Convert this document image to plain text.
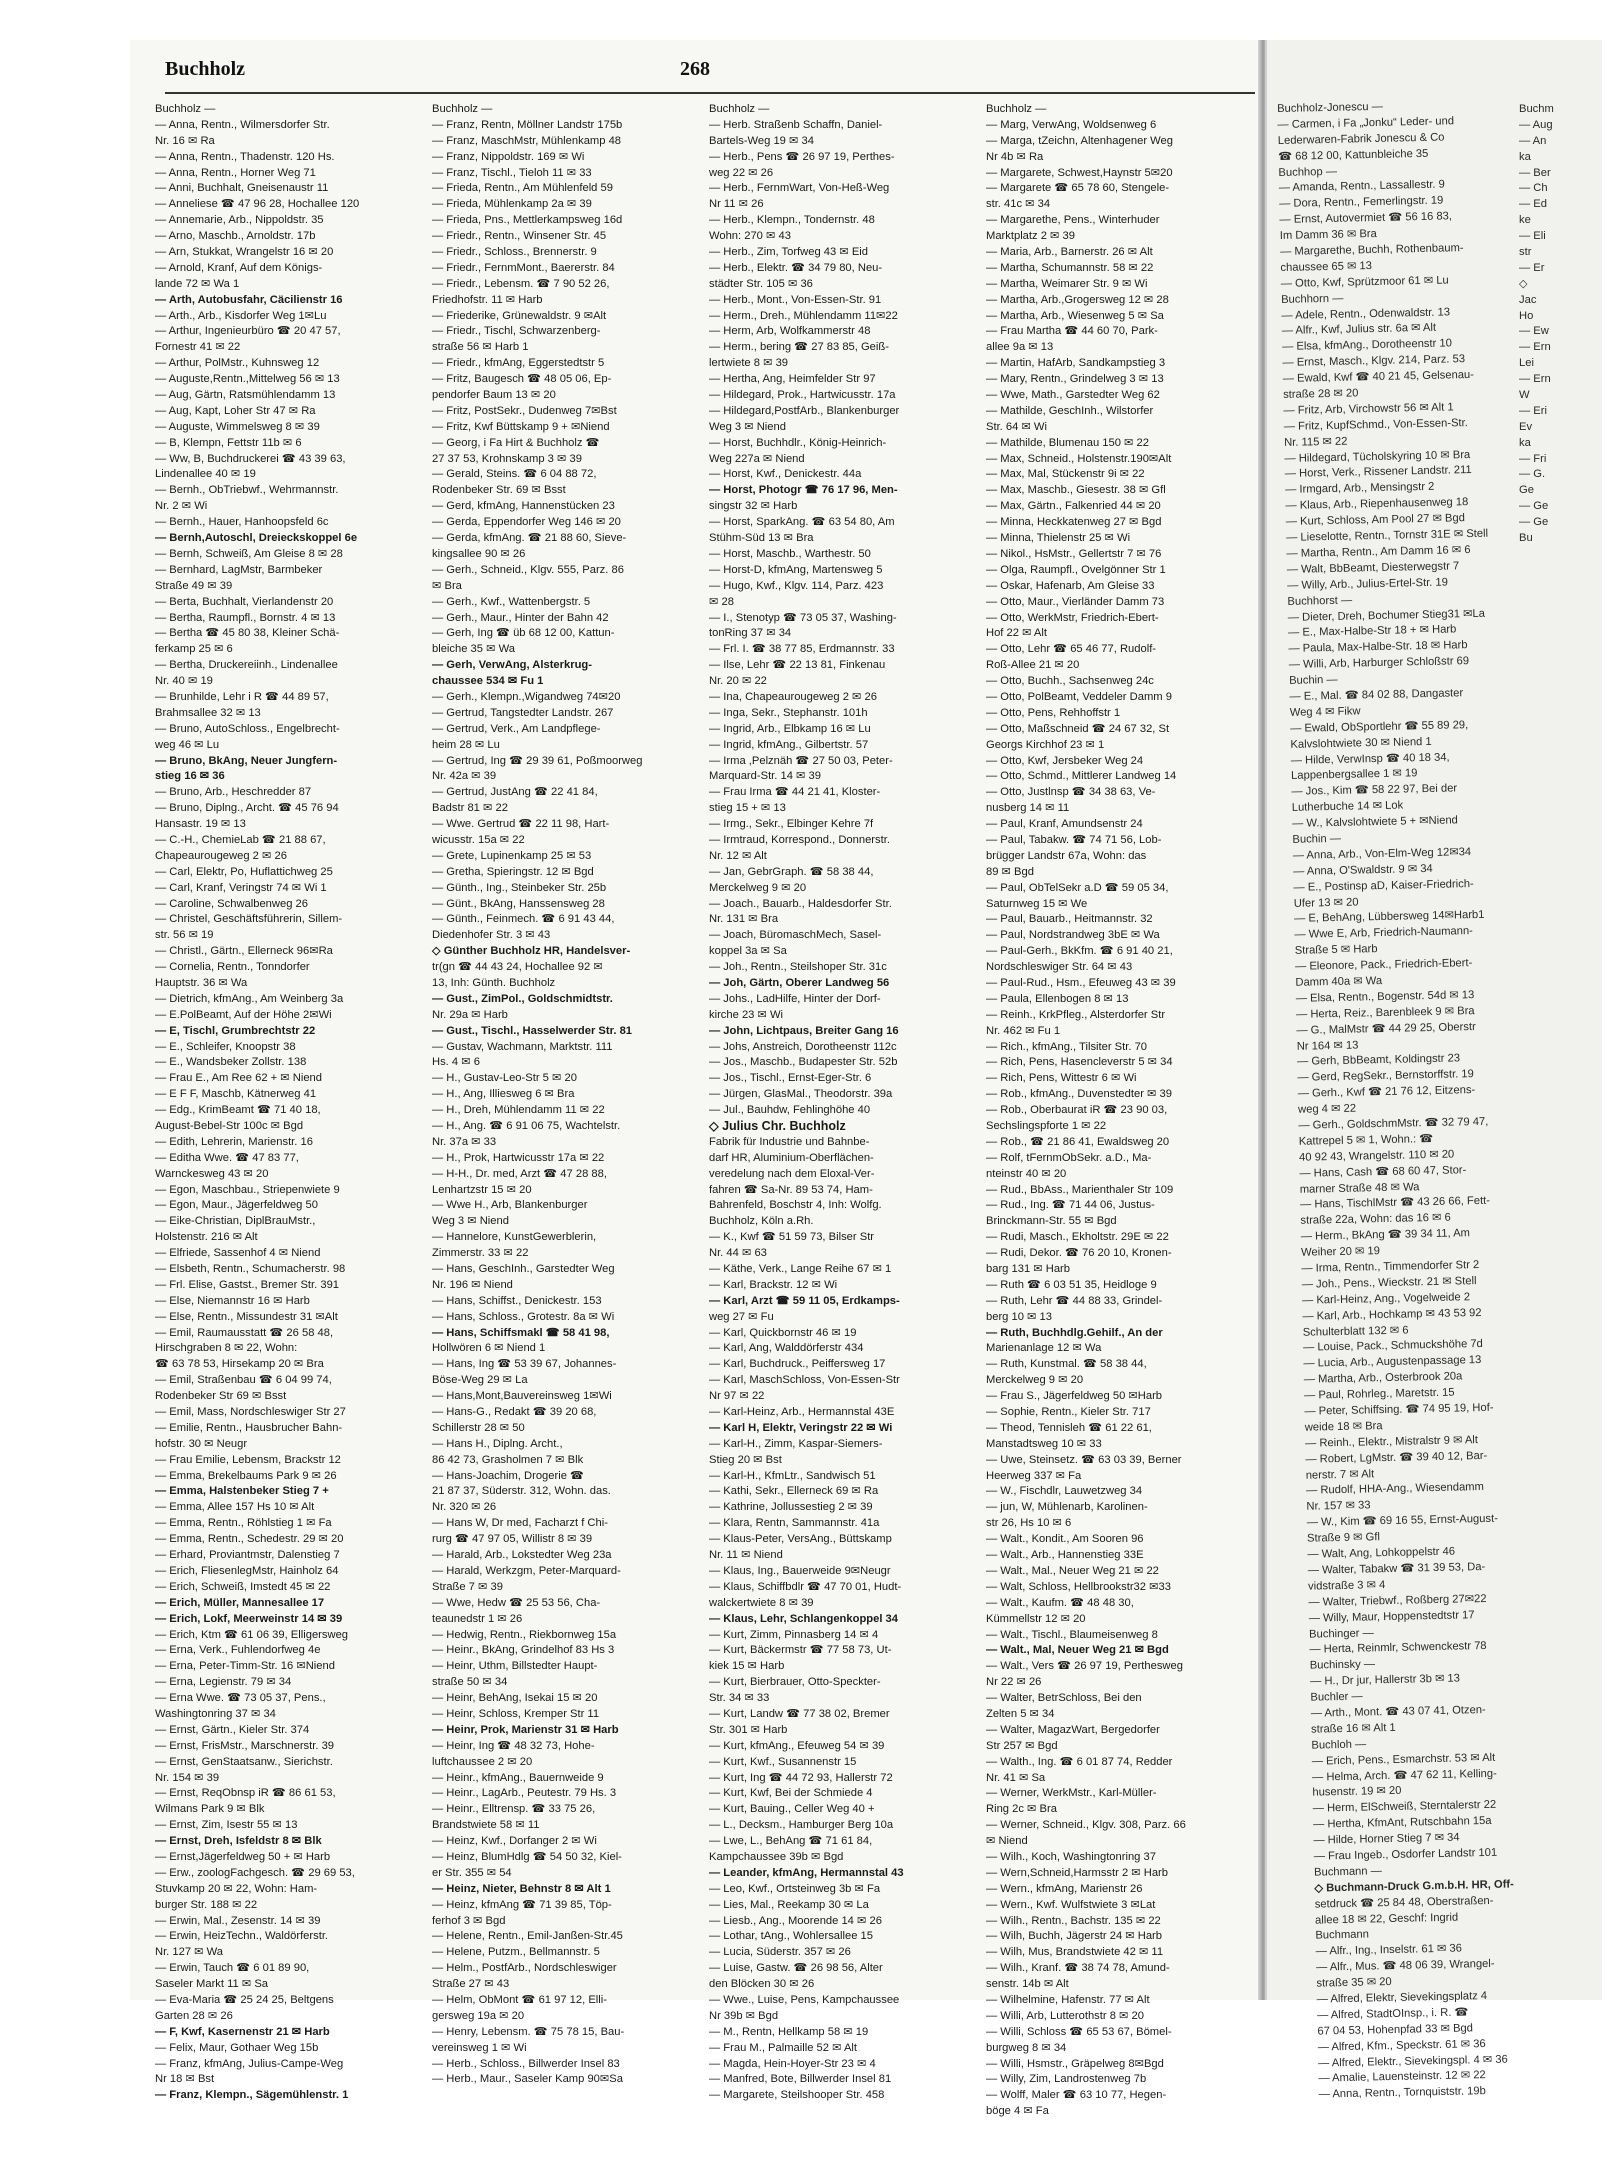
Buchholz	268
Buchholz —
— Anna, Rentn., Wilmersdorfer Str.
Nr. 16 ✉ Ra
— Anna, Rentn., Thadenstr. 120 Hs.
— Anna, Rentn., Horner Weg 71
— Anni, Buchhalt, Gneisenaustr 11
— Anneliese ☎ 47 96 28, Hochallee 120
— Annemarie, Arb., Nippoldstr. 35
— Arno, Maschb., Arnoldstr. 17b
— Arn, Stukkat, Wrangelstr 16 ✉ 20
— Arnold, Kranf, Auf dem Königs-
lande 72 ✉ Wa 1
— Arth, Autobusfahr, Cäcilienstr 16
— Arth., Arb., Kisdorfer Weg 1✉Lu
— Arthur, Ingenieurbüro ☎ 20 47 57,
Fornestr 41 ✉ 22
— Arthur, PolMstr., Kuhnsweg 12
— Auguste,Rentn.,Mittelweg 56 ✉ 13
— Aug, Gärtn, Ratsmühlendamm 13
— Aug, Kapt, Loher Str 47 ✉ Ra
— Auguste, Wimmelsweg 8 ✉ 39
— B, Klempn, Fettstr 11b ✉ 6
— Ww, B, Buchdruckerei ☎ 43 39 63,
Lindenallee 40 ✉ 19
— Bernh., ObTriebwf., Wehrmannstr.
Nr. 2 ✉ Wi
— Bernh., Hauer, Hanhoopsfeld 6c
— Bernh,Autoschl, Dreieckskoppel 6e
— Bernh, Schweiß, Am Gleise 8 ✉ 28
— Bernhard, LagMstr, Barmbeker
Straße 49 ✉ 39
— Berta, Buchhalt, Vierlandenstr 20
— Bertha, Raumpfl., Bornstr. 4 ✉ 13
— Bertha ☎ 45 80 38, Kleiner Schä-
ferkamp 25 ✉ 6
— Bertha, Druckereiinh., Lindenallee
Nr. 40 ✉ 19
— Brunhilde, Lehr i R ☎ 44 89 57,
Brahmsallee 32 ✉ 13
— Bruno, AutoSchloss., Engelbrecht-
weg 46 ✉ Lu
— Bruno, BkAng, Neuer Jungfern-
stieg 16 ✉ 36
— Bruno, Arb., Heschredder 87
— Bruno, Diplng., Archt. ☎ 45 76 94
Hansastr. 19 ✉ 13
— C.-H., ChemieLab ☎ 21 88 67,
Chapeaurougeweg 2 ✉ 26
— Carl, Elektr, Po, Huflattichweg 25
— Carl, Kranf, Veringstr 74 ✉ Wi 1
— Caroline, Schwalbenweg 26
— Christel, Geschäftsführerin, Sillem-
str. 56 ✉ 19
— Christl., Gärtn., Ellerneck 96✉Ra
— Cornelia, Rentn., Tonndorfer
Hauptstr. 36 ✉ Wa
— Dietrich, kfmAng., Am Weinberg 3a
— E.PolBeamt, Auf der Höhe 2✉Wi
— E, Tischl, Grumbrechtstr 22
— E., Schleifer, Knoopstr 38
— E., Wandsbeker Zollstr. 138
— Frau E., Am Ree 62 + ✉ Niend
— E F F, Maschb, Kätnerweg 41
— Edg., KrimBeamt ☎ 71 40 18,
August-Bebel-Str 100c ✉ Bgd
— Edith, Lehrerin, Marienstr. 16
— Editha Wwe. ☎ 47 83 77,
Warnckesweg 43 ✉ 20
— Egon, Maschbau., Striepenwiete 9
— Egon, Maur., Jägerfeldweg 50
— Eike-Christian, DiplBrauMstr.,
Holstenstr. 216 ✉ Alt
— Elfriede, Sassenhof 4 ✉ Niend
— Elsbeth, Rentn., Schumacherstr. 98
— Frl. Elise, Gastst., Bremer Str. 391
— Else, Niemannstr 16 ✉ Harb
— Else, Rentn., Missundestr 31 ✉Alt
— Emil, Raumausstatt ☎ 26 58 48,
Hirschgraben 8 ✉ 22, Wohn:
☎ 63 78 53, Hirsekamp 20 ✉ Bra
— Emil, Straßenbau ☎ 6 04 99 74,
Rodenbeker Str 69 ✉ Bsst
— Emil, Mass, Nordschleswiger Str 27
— Emilie, Rentn., Hausbrucher Bahn-
hofstr. 30 ✉ Neugr
— Frau Emilie, Lebensm, Brackstr 12
— Emma, Brekelbaums Park 9 ✉ 26
— Emma, Halstenbeker Stieg 7 +
— Emma, Allee 157 Hs 10 ✉ Alt
— Emma, Rentn., Röhlstieg 1 ✉ Fa
— Emma, Rentn., Schedestr. 29 ✉ 20
— Erhard, Proviantmstr, Dalenstieg 7
— Erich, FliesenlegMstr, Hainholz 64
— Erich, Schweiß, Imstedt 45 ✉ 22
— Erich, Müller, Mannesallee 17
— Erich, Lokf, Meerweinstr 14 ✉ 39
— Erich, Ktm ☎ 61 06 39, Elligersweg
— Erna, Verk., Fuhlendorfweg 4e
— Erna, Peter-Timm-Str. 16 ✉Niend
— Erna, Legienstr. 79 ✉ 34
— Erna Wwe. ☎ 73 05 37, Pens.,
Washingtonring 37 ✉ 34
— Ernst, Gärtn., Kieler Str. 374
— Ernst, FrisMstr., Marschnerstr. 39
— Ernst, GenStaatsanw., Sierichstr.
Nr. 154 ✉ 39
— Ernst, ReqObnsp iR ☎ 86 61 53,
Wilmans Park 9 ✉ Blk
— Ernst, Zim, Isestr 55 ✉ 13
— Ernst, Dreh, Isfeldstr 8 ✉ Blk
— Ernst,Jägerfeldweg 50 + ✉ Harb
— Erw., zoologFachgesch. ☎ 29 69 53,
Stuvkamp 20 ✉ 22, Wohn: Ham-
burger Str. 188 ✉ 22
— Erwin, Mal., Zesenstr. 14 ✉ 39
— Erwin, HeizTechn., Waldörferstr.
Nr. 127 ✉ Wa
— Erwin, Tauch ☎ 6 01 89 90,
Saseler Markt 11 ✉ Sa
— Eva-Maria ☎ 25 24 25, Beltgens
Garten 28 ✉ 26
— F, Kwf, Kasernenstr 21 ✉ Harb
— Felix, Maur, Gothaer Weg 15b
— Franz, kfmAng, Julius-Campe-Weg
Nr 18 ✉ Bst
— Franz, Klempn., Sägemühlenstr. 1
Buchholz —
— Franz, Rentn, Möllner Landstr 175b
— Franz, MaschMstr, Mühlenkamp 48
— Franz, Nippoldstr. 169 ✉ Wi
— Franz, Tischl., Tieloh 11 ✉ 33
— Frieda, Rentn., Am Mühlenfeld 59
— Frieda, Mühlenkamp 2a ✉ 39
— Frieda, Pns., Mettlerkampsweg 16d
— Friedr., Rentn., Winsener Str. 45
— Friedr., Schloss., Brennerstr. 9
— Friedr., FernmMont., Baererstr. 84
— Friedr., Lebensm. ☎ 7 90 52 26,
Friedhofstr. 11 ✉ Harb
— Friederike, Grünewaldstr. 9 ✉Alt
— Friedr., Tischl, Schwarzenberg-
straße 56 ✉ Harb 1
— Friedr., kfmAng, Eggerstedtstr 5
— Fritz, Baugesch ☎ 48 05 06, Ep-
pendorfer Baum 13 ✉ 20
— Fritz, PostSekr., Dudenweg 7✉Bst
— Fritz, Kwf Büttskamp 9 + ✉Niend
— Georg, i Fa Hirt & Buchholz ☎
27 37 53, Krohnskamp 3 ✉ 39
— Gerald, Steins. ☎ 6 04 88 72,
Rodenbeker Str. 69 ✉ Bsst
— Gerd, kfmAng, Hannenstücken 23
— Gerda, Eppendorfer Weg 146 ✉ 20
— Gerda, kfmAng. ☎ 21 88 60, Sieve-
kingsallee 90 ✉ 26
— Gerh., Schneid., Klgv. 555, Parz. 86
✉ Bra
— Gerh., Kwf., Wattenbergstr. 5
— Gerh., Maur., Hinter der Bahn 42
— Gerh, Ing ☎ üb 68 12 00, Kattun-
bleiche 35 ✉ Wa
— Gerh, VerwAng, Alsterkrug-
chaussee 534 ✉ Fu 1
— Gerh., Klempn.,Wigandweg 74✉20
— Gertrud, Tangstedter Landstr. 267
— Gertrud, Verk., Am Landpflege-
heim 28 ✉ Lu
— Gertrud, Ing ☎ 29 39 61, Poßmoorweg
Nr. 42a ✉ 39
— Gertrud, JustAng ☎ 22 41 84,
Badstr 81 ✉ 22
— Wwe. Gertrud ☎ 22 11 98, Hart-
wicusstr. 15a ✉ 22
— Grete, Lupinenkamp 25 ✉ 53
— Gretha, Spieringstr. 12 ✉ Bgd
— Günth., Ing., Steinbeker Str. 25b
— Günt., BkAng, Hanssensweg 28
— Günth., Feinmech. ☎ 6 91 43 44,
Diedenhofer Str. 3 ✉ 43
◇ Günther Buchholz HR, Handelsver-
tr(gn ☎ 44 43 24, Hochallee 92 ✉
13, Inh: Günth. Buchholz
— Gust., ZimPol., Goldschmidtstr.
Nr. 29a ✉ Harb
— Gust., Tischl., Hasselwerder Str. 81
— Gustav, Wachmann, Marktstr. 111
Hs. 4 ✉ 6
— H., Gustav-Leo-Str 5 ✉ 20
— H., Ang, Illiesweg 6 ✉ Bra
— H., Dreh, Mühlendamm 11 ✉ 22
— H., Ang. ☎ 6 91 06 75, Wachtelstr.
Nr. 37a ✉ 33
— H., Prok, Hartwicusstr 17a ✉ 22
— H-H., Dr. med, Arzt ☎ 47 28 88,
Lenhartzstr 15 ✉ 20
— Wwe H., Arb, Blankenburger
Weg 3 ✉ Niend
— Hannelore, KunstGewerblerin,
Zimmerstr. 33 ✉ 22
— Hans, GeschInh., Garstedter Weg
Nr. 196 ✉ Niend
— Hans, Schiffst., Denickestr. 153
— Hans, Schloss., Grotestr. 8a ✉ Wi
— Hans, Schiffsmakl ☎ 58 41 98,
Hollwören 6 ✉ Niend 1
— Hans, Ing ☎ 53 39 67, Johannes-
Böse-Weg 29 ✉ La
— Hans,Mont,Bauvereinsweg 1✉Wi
— Hans-G., Redakt ☎ 39 20 68,
Schillerstr 28 ✉ 50
— Hans H., Diplng. Archt.,
86 42 73, Grasholmen 7 ✉ Blk
— Hans-Joachim, Drogerie ☎
21 87 37, Süderstr. 312, Wohn. das.
Nr. 320 ✉ 26
— Hans W, Dr med, Facharzt f Chi-
rurg ☎ 47 97 05, Willistr 8 ✉ 39
— Harald, Arb., Lokstedter Weg 23a
— Harald, Werkzgm, Peter-Marquard-
Straße 7 ✉ 39
— Wwe, Hedw ☎ 25 53 56, Cha-
teaunedstr 1 ✉ 26
— Hedwig, Rentn., Riekbornweg 15a
— Heinr., BkAng, Grindelhof 83 Hs 3
— Heinr, Uthm, Billstedter Haupt-
straße 50 ✉ 34
— Heinr, BehAng, Isekai 15 ✉ 20
— Heinr, Schloss, Kremper Str 11
— Heinr, Prok, Marienstr 31 ✉ Harb
— Heinr, Ing ☎ 48 32 73, Hohe-
luftchaussee 2 ✉ 20
— Heinr., kfmAng., Bauernweide 9
— Heinr., LagArb., Peutestr. 79 Hs. 3
— Heinr., Elltrensp. ☎ 33 75 26,
Brandstwiete 58 ✉ 11
— Heinz, Kwf., Dorfanger 2 ✉ Wi
— Heinz, BlumHdlg ☎ 54 50 32, Kiel-
er Str. 355 ✉ 54
— Heinz, Nieter, Behnstr 8 ✉ Alt 1
— Heinz, kfmAng ☎ 71 39 85, Töp-
ferhof 3 ✉ Bgd
— Helene, Rentn., Emil-Janßen-Str.45
— Helene, Putzm., Bellmannstr. 5
— Helm., PostfArb., Nordschleswiger
Straße 27 ✉ 43
— Helm, ObMont ☎ 61 97 12, Elli-
gersweg 19a ✉ 20
— Henry, Lebensm. ☎ 75 78 15, Bau-
vereinsweg 1 ✉ Wi
— Herb., Schloss., Billwerder Insel 83
— Herb., Maur., Saseler Kamp 90✉Sa
Buchholz —
— Herb. Straßenb Schaffn, Daniel-
Bartels-Weg 19 ✉ 34
— Herb., Pens ☎ 26 97 19, Perthes-
weg 22 ✉ 26
— Herb., FernmWart, Von-Heß-Weg
Nr 11 ✉ 26
— Herb., Klempn., Tondernstr. 48
Wohn: 270 ✉ 43
— Herb., Zim, Torfweg 43 ✉ Eid
— Herb., Elektr. ☎ 34 79 80, Neu-
städter Str. 105 ✉ 36
— Herb., Mont., Von-Essen-Str. 91
— Herm., Dreh., Mühlendamm 11✉22
— Herm, Arb, Wolfkammerstr 48
— Herm., bering ☎ 27 83 85, Geiß-
lertwiete 8 ✉ 39
— Hertha, Ang, Heimfelder Str 97
— Hildegard, Prok., Hartwicusstr. 17a
— Hildegard,PostfArb., Blankenburger
Weg 3 ✉ Niend
— Horst, Buchhdlr., König-Heinrich-
Weg 227a ✉ Niend
— Horst, Kwf., Denickestr. 44a
— Horst, Photogr ☎ 76 17 96, Men-
singstr 32 ✉ Harb
— Horst, SparkAng. ☎ 63 54 80, Am
Stühm-Süd 13 ✉ Bra
— Horst, Maschb., Warthestr. 50
— Horst-D, kfmAng, Martensweg 5
— Hugo, Kwf., Klgv. 114, Parz. 423
✉ 28
— I., Stenotyp ☎ 73 05 37, Washing-
tonRing 37 ✉ 34
— Frl. I. ☎ 38 77 85, Erdmannstr. 33
— Ilse, Lehr ☎ 22 13 81, Finkenau
Nr. 20 ✉ 22
— Ina, Chapeaurougeweg 2 ✉ 26
— Inga, Sekr., Stephanstr. 101h
— Ingrid, Arb., Elbkamp 16 ✉ Lu
— Ingrid, kfmAng., Gilbertstr. 57
— Irma ,Pelznäh ☎ 27 50 03, Peter-
Marquard-Str. 14 ✉ 39
— Frau Irma ☎ 44 21 41, Kloster-
stieg 15 + ✉ 13
— Irmg., Sekr., Elbinger Kehre 7f
— Irmtraud, Korrespond., Donnerstr.
Nr. 12 ✉ Alt
— Jan, GebrGraph. ☎ 58 38 44,
Merckelweg 9 ✉ 20
— Joach., Bauarb., Haldesdorfer Str.
Nr. 131 ✉ Bra
— Joach, BüromaschMech, Sasel-
koppel 3a ✉ Sa
— Joh., Rentn., Steilshoper Str. 31c
— Joh, Gärtn, Oberer Landweg 56
— Johs., LadHilfe, Hinter der Dorf-
kirche 23 ✉ Wi
— John, Lichtpaus, Breiter Gang 16
— Johs, Anstreich, Dorotheenstr 112c
— Jos., Maschb., Budapester Str. 52b
— Jos., Tischl., Ernst-Eger-Str. 6
— Jürgen, GlasMal., Theodorstr. 39a
— Jul., Bauhdw, Fehlinghöhe 40
◇ Julius Chr. Buchholz
Fabrik für Industrie und Bahnbe-
darf HR, Aluminium-Oberflächen-
veredelung nach dem Eloxal-Ver-
fahren ☎ Sa-Nr. 89 53 74, Ham-
Bahrenfeld, Boschstr 4, Inh: Wolfg.
Buchholz, Köln a.Rh.
— K., Kwf ☎ 51 59 73, Bilser Str
Nr. 44 ✉ 63
— Käthe, Verk., Lange Reihe 67 ✉ 1
— Karl, Brackstr. 12 ✉ Wi
— Karl, Arzt ☎ 59 11 05, Erdkamps-
weg 27 ✉ Fu
— Karl, Quickbornstr 46 ✉ 19
— Karl, Ang, Walddörferstr 434
— Karl, Buchdruck., Peiffersweg 17
— Karl, MaschSchloss, Von-Essen-Str
Nr 97 ✉ 22
— Karl-Heinz, Arb., Hermannstal 43E
— Karl H, Elektr, Veringstr 22 ✉ Wi
— Karl-H., Zimm, Kaspar-Siemers-
Stieg 20 ✉ Bst
— Karl-H., KfmLtr., Sandwisch 51
— Kathi, Sekr., Ellerneck 69 ✉ Ra
— Kathrine, Jollussestieg 2 ✉ 39
— Klara, Rentn, Sammannstr. 41a
— Klaus-Peter, VersAng., Büttskamp
Nr. 11 ✉ Niend
— Klaus, Ing., Bauerweide 9✉Neugr
— Klaus, Schiffbdlr ☎ 47 70 01, Hudt-
walckertwiete 8 ✉ 39
— Klaus, Lehr, Schlangenkoppel 34
— Kurt, Zimm, Pinnasberg 14 ✉ 4
— Kurt, Bäckermstr ☎ 77 58 73, Ut-
kiek 15 ✉ Harb
— Kurt, Bierbrauer, Otto-Speckter-
Str. 34 ✉ 33
— Kurt, Landw ☎ 77 38 02, Bremer
Str. 301 ✉ Harb
— Kurt, kfmAng., Efeuweg 54 ✉ 39
— Kurt, Kwf., Susannenstr 15
— Kurt, Ing ☎ 44 72 93, Hallerstr 72
— Kurt, Kwf, Bei der Schmiede 4
— Kurt, Bauing., Celler Weg 40 +
— L., Decksm., Hamburger Berg 10a
— Lwe, L., BehAng ☎ 71 61 84,
Kampchaussee 39b ✉ Bgd
— Leander, kfmAng, Hermannstal 43
— Leo, Kwf., Ortsteinweg 3b ✉ Fa
— Lies, Mal., Reekamp 30 ✉ La
— Liesb., Ang., Moorende 14 ✉ 26
— Lothar, tAng., Wohlersallee 15
— Lucia, Süderstr. 357 ✉ 26
— Luise, Gastw. ☎ 26 98 56, Alter
den Blöcken 30 ✉ 26
— Wwe., Luise, Pens, Kampchaussee
Nr 39b ✉ Bgd
— M., Rentn, Hellkamp 58 ✉ 19
— Frau M., Palmaille 52 ✉ Alt
— Magda, Hein-Hoyer-Str 23 ✉ 4
— Manfred, Bote, Billwerder Insel 81
— Margarete, Steilshooper Str. 458
Buchholz —
— Marg, VerwAng, Woldsenweg 6
— Marga, tZeichn, Altenhagener Weg
Nr 4b ✉ Ra
— Margarete, Schwest,Haynstr 5✉20
— Margarete ☎ 65 78 60, Stengele-
str. 41c ✉ 34
— Margarethe, Pens., Winterhuder
Marktplatz 2 ✉ 39
— Maria, Arb., Barnerstr. 26 ✉ Alt
— Martha, Schumannstr. 58 ✉ 22
— Martha, Weimarer Str. 9 ✉ Wi
— Martha, Arb.,Grogersweg 12 ✉ 28
— Martha, Arb., Wiesenweg 5 ✉ Sa
— Frau Martha ☎ 44 60 70, Park-
allee 9a ✉ 13
— Martin, HafArb, Sandkampstieg 3
— Mary, Rentn., Grindelweg 3 ✉ 13
— Wwe, Math., Garstedter Weg 62
— Mathilde, GeschInh., Wilstorfer
Str. 64 ✉ Wi
— Mathilde, Blumenau 150 ✉ 22
— Max, Schneid., Holstenstr.190✉Alt
— Max, Mal, Stückenstr 9i ✉ 22
— Max, Maschb., Giesestr. 38 ✉ Gfl
— Max, Gärtn., Falkenried 44 ✉ 20
— Minna, Heckkatenweg 27 ✉ Bgd
— Minna, Thielenstr 25 ✉ Wi
— Nikol., HsMstr., Gellertstr 7 ✉ 76
— Olga, Raumpfl., Ovelgönner Str 1
— Oskar, Hafenarb, Am Gleise 33
— Otto, Maur., Vierländer Damm 73
— Otto, WerkMstr, Friedrich-Ebert-
Hof 22 ✉ Alt
— Otto, Lehr ☎ 65 46 77, Rudolf-
Roß-Allee 21 ✉ 20
— Otto, Buchh., Sachsenweg 24c
— Otto, PolBeamt, Veddeler Damm 9
— Otto, Pens, Rehhoffstr 1
— Otto, Maßschneid ☎ 24 67 32, St
Georgs Kirchhof 23 ✉ 1
— Otto, Kwf, Jersbeker Weg 24
— Otto, Schmd., Mittlerer Landweg 14
— Otto, Justlnsp ☎ 34 38 63, Ve-
nusberg 14 ✉ 11
— Paul, Kranf, Amundsenstr 24
— Paul, Tabakw. ☎ 74 71 56, Lob-
brügger Landstr 67a, Wohn: das
89 ✉ Bgd
— Paul, ObTelSekr a.D ☎ 59 05 34,
Saturnweg 15 ✉ We
— Paul, Bauarb., Heitmannstr. 32
— Paul, Nordstrandweg 3bE ✉ Wa
— Paul-Gerh., BkKfm. ☎ 6 91 40 21,
Nordschleswiger Str. 64 ✉ 43
— Paul-Rud., Hsm., Efeuweg 43 ✉ 39
— Paula, Ellenbogen 8 ✉ 13
— Reinh., KrkPfleg., Alsterdorfer Str
Nr. 462 ✉ Fu 1
— Rich., kfmAng., Tilsiter Str. 70
— Rich, Pens, Hasencleverstr 5 ✉ 34
— Rich, Pens, Wittestr 6 ✉ Wi
— Rob., kfmAng., Duvenstedter ✉ 39
— Rob., Oberbaurat iR ☎ 23 90 03,
Sechslingspforte 1 ✉ 22
— Rob., ☎ 21 86 41, Ewaldsweg 20
— Rolf, tFernmObSekr. a.D., Ma-
nteinstr 40 ✉ 20
— Rud., BbAss., Marienthaler Str 109
— Rud., Ing. ☎ 71 44 06, Justus-
Brinckmann-Str. 55 ✉ Bgd
— Rudi, Masch., Ekholtstr. 29E ✉ 22
— Rudi, Dekor. ☎ 76 20 10, Kronen-
barg 131 ✉ Harb
— Ruth ☎ 6 03 51 35, Heidloge 9
— Ruth, Lehr ☎ 44 88 33, Grindel-
berg 10 ✉ 13
— Ruth, Buchhdlg.Gehilf., An der
Marienanlage 12 ✉ Wa
— Ruth, Kunstmal. ☎ 58 38 44,
Merckelweg 9 ✉ 20
— Frau S., Jägerfeldweg 50 ✉Harb
— Sophie, Rentn., Kieler Str. 717
— Theod, Tennisleh ☎ 61 22 61,
Manstadtsweg 10 ✉ 33
— Uwe, Steinsetz. ☎ 63 03 39, Berner
Heerweg 337 ✉ Fa
— W., Fischdlr, Lauwetzweg 34
— jun, W, Mühlenarb, Karolinen-
str 26, Hs 10 ✉ 6
— Walt., Kondit., Am Sooren 96
— Walt., Arb., Hannenstieg 33E
— Walt., Mal., Neuer Weg 21 ✉ 22
— Walt, Schloss, Hellbrookstr32 ✉33
— Walt., Kaufm. ☎ 48 48 30,
Kümmellstr 12 ✉ 20
— Walt., Tischl., Blaumeisenweg 8
— Walt., Mal, Neuer Weg 21 ✉ Bgd
— Walt., Vers ☎ 26 97 19, Perthesweg
Nr 22 ✉ 26
— Walter, BetrSchloss, Bei den
Zelten 5 ✉ 34
— Walter, MagazWart, Bergedorfer
Str 257 ✉ Bgd
— Walth., Ing. ☎ 6 01 87 74, Redder
Nr. 41 ✉ Sa
— Werner, WerkMstr., Karl-Müller-
Ring 2c ✉ Bra
— Werner, Schneid., Klgv. 308, Parz. 66
✉ Niend
— Wilh., Koch, Washingtonring 37
— Wern,Schneid,Harmsstr 2 ✉ Harb
— Wern., kfmAng, Marienstr 26
— Wern., Kwf. Wulfstwiete 3 ✉Lat
— Wilh., Rentn., Bachstr. 135 ✉ 22
— Wilh, Buchh, Jägerstr 24 ✉ Harb
— Wilh, Mus, Brandstwiete 42 ✉ 11
— Wilh., Kranf. ☎ 38 74 78, Amund-
senstr. 14b ✉ Alt
— Wilhelmine, Hafenstr. 77 ✉ Alt
— Willi, Arb, Lutterothstr 8 ✉ 20
— Willi, Schloss ☎ 65 53 67, Bömel-
burgweg 8 ✉ 34
— Willi, Hsmstr., Gräpelweg 8✉Bgd
— Willy, Zim, Landrostenweg 7b
— Wolff, Maler ☎ 63 10 77, Hegen-
böge 4 ✉ Fa
Buchholz-Jonescu —
— Carmen, i Fa „Jonku“ Leder- und
Lederwaren-Fabrik Jonescu & Co
☎ 68 12 00, Kattunbleiche 35
Buchhop —
— Amanda, Rentn., Lassallestr. 9
— Dora, Rentn., Femerlingstr. 19
— Ernst, Autovermiet ☎ 56 16 83,
Im Damm 36 ✉ Bra
— Margarethe, Buchh, Rothenbaum-
chaussee 65 ✉ 13
— Otto, Kwf, Sprützmoor 61 ✉ Lu
Buchhorn —
— Adele, Rentn., Odenwaldstr. 13
— Alfr., Kwf, Julius str. 6a ✉ Alt
— Elsa, kfmAng., Dorotheenstr 10
— Ernst, Masch., Klgv. 214, Parz. 53
— Ewald, Kwf ☎ 40 21 45, Gelsenau-
straße 28 ✉ 20
— Fritz, Arb, Virchowstr 56 ✉ Alt 1
— Fritz, KupfSchmd., Von-Essen-Str.
Nr. 115 ✉ 22
— Hildegard, Tücholskyring 10 ✉ Bra
— Horst, Verk., Rissener Landstr. 211
— Irmgard, Arb., Mensingstr 2
— Klaus, Arb., Riepenhausenweg 18
— Kurt, Schloss, Am Pool 27 ✉ Bgd
— Lieselotte, Rentn., Tornstr 31E ✉ Stell
— Martha, Rentn., Am Damm 16 ✉ 6
— Walt, BbBeamt, Diesterwegstr 7
— Willy, Arb., Julius-Ertel-Str. 19
Buchhorst —
— Dieter, Dreh, Bochumer Stieg31 ✉La
— E., Max-Halbe-Str 18 + ✉ Harb
— Paula, Max-Halbe-Str. 18 ✉ Harb
— Willi, Arb, Harburger Schloßstr 69
Buchin —
— E., Mal. ☎ 84 02 88, Dangaster
Weg 4 ✉ Fikw
— Ewald, ObSportlehr ☎ 55 89 29,
Kalvslohtwiete 30 ✉ Niend 1
— Hilde, VerwInsp ☎ 40 18 34,
Lappenbergsallee 1 ✉ 19
— Jos., Kim ☎ 58 22 97, Bei der
Lutherbuche 14 ✉ Lok
— W., Kalvslohtwiete 5 + ✉Niend
Buchin —
— Anna, Arb., Von-Elm-Weg 12✉34
— Anna, O'Swaldstr. 9 ✉ 34
— E., Postinsp aD, Kaiser-Friedrich-
Ufer 13 ✉ 20
— E, BehAng, Lübbersweg 14✉Harb1
— Wwe E, Arb, Friedrich-Naumann-
Straße 5 ✉ Harb
— Eleonore, Pack., Friedrich-Ebert-
Damm 40a ✉ Wa
— Elsa, Rentn., Bogenstr. 54d ✉ 13
— Herta, Reiz., Barenbleek 9 ✉ Bra
— G., MalMstr ☎ 44 29 25, Oberstr
Nr 164 ✉ 13
— Gerh, BbBeamt, Koldingstr 23
— Gerd, RegSekr., Bernstorffstr. 19
— Gerh., Kwf ☎ 21 76 12, Eitzens-
weg 4 ✉ 22
— Gerh., GoldschmMstr. ☎ 32 79 47,
Kattrepel 5 ✉ 1, Wohn.: ☎
40 92 43, Wrangelstr. 110 ✉ 20
— Hans, Cash ☎ 68 60 47, Stor-
marner Straße 48 ✉ Wa
— Hans, TischlMstr ☎ 43 26 66, Fett-
straße 22a, Wohn: das 16 ✉ 6
— Herm., BkAng ☎ 39 34 11, Am
Weiher 20 ✉ 19
— Irma, Rentn., Timmendorfer Str 2
— Joh., Pens., Wieckstr. 21 ✉ Stell
— Karl-Heinz, Ang., Vogelweide 2
— Karl, Arb., Hochkamp ✉ 43 53 92
Schulterblatt 132 ✉ 6
— Louise, Pack., Schmuckshöhe 7d
— Lucia, Arb., Augustenpassage 13
— Martha, Arb., Osterbrook 20a
— Paul, Rohrleg., Maretstr. 15
— Peter, Schiffsing. ☎ 74 95 19, Hof-
weide 18 ✉ Bra
— Reinh., Elektr., Mistralstr 9 ✉ Alt
— Robert, LgMstr. ☎ 39 40 12, Bar-
nerstr. 7 ✉ Alt
— Rudolf, HHA-Ang., Wiesendamm
Nr. 157 ✉ 33
— W., Kim ☎ 69 16 55, Ernst-August-
Straße 9 ✉ Gfl
— Walt, Ang, Lohkoppelstr 46
— Walter, Tabakw ☎ 31 39 53, Da-
vidstraße 3 ✉ 4
— Walter, Triebwf., Roßberg 27✉22
— Willy, Maur, Hoppenstedtstr 17
Buchinger —
— Herta, Reinmlr, Schwenckestr 78
Buchinsky —
— H., Dr jur, Hallerstr 3b ✉ 13
Buchler —
— Arth., Mont. ☎ 43 07 41, Otzen-
straße 16 ✉ Alt 1
Buchloh —
— Erich, Pens., Esmarchstr. 53 ✉ Alt
— Helma, Arch. ☎ 47 62 11, Kelling-
husenstr. 19 ✉ 20
— Herm, ElSchweiß, Sterntalerstr 22
— Hertha, KfmAnt, Rutschbahn 15a
— Hilde, Horner Stieg 7 ✉ 34
— Frau Ingeb., Osdorfer Landstr 101
Buchmann —
◇ Buchmann-Druck G.m.b.H. HR, Off-
setdruck ☎ 25 84 48, Oberstraßen-
allee 18 ✉ 22, Geschf: Ingrid
Buchmann
— Alfr., Ing., Inselstr. 61 ✉ 36
— Alfr., Mus. ☎ 48 06 39, Wrangel-
straße 35 ✉ 20
— Alfred, Elektr, Sievekingsplatz 4
— Alfred, StadtOInsp., i. R. ☎
67 04 53, Hohenpfad 33 ✉ Bgd
— Alfred, Kfm., Speckstr. 61 ✉ 36
— Alfred, Elektr., Sievekingspl. 4 ✉ 36
— Amalie, Lauensteinstr. 12 ✉ 22
— Anna, Rentn., Tornquiststr. 19b
Buchm
— Aug
— An
ka
— Ber
— Ch
— Ed
ke
— Eli
str
— Er
◇
Jac
Ho
— Ew
— Ern
Lei
— Ern
W
— Eri
Ev
ka
— Fri
— G.
Ge
— Ge
— Ge
Bu
